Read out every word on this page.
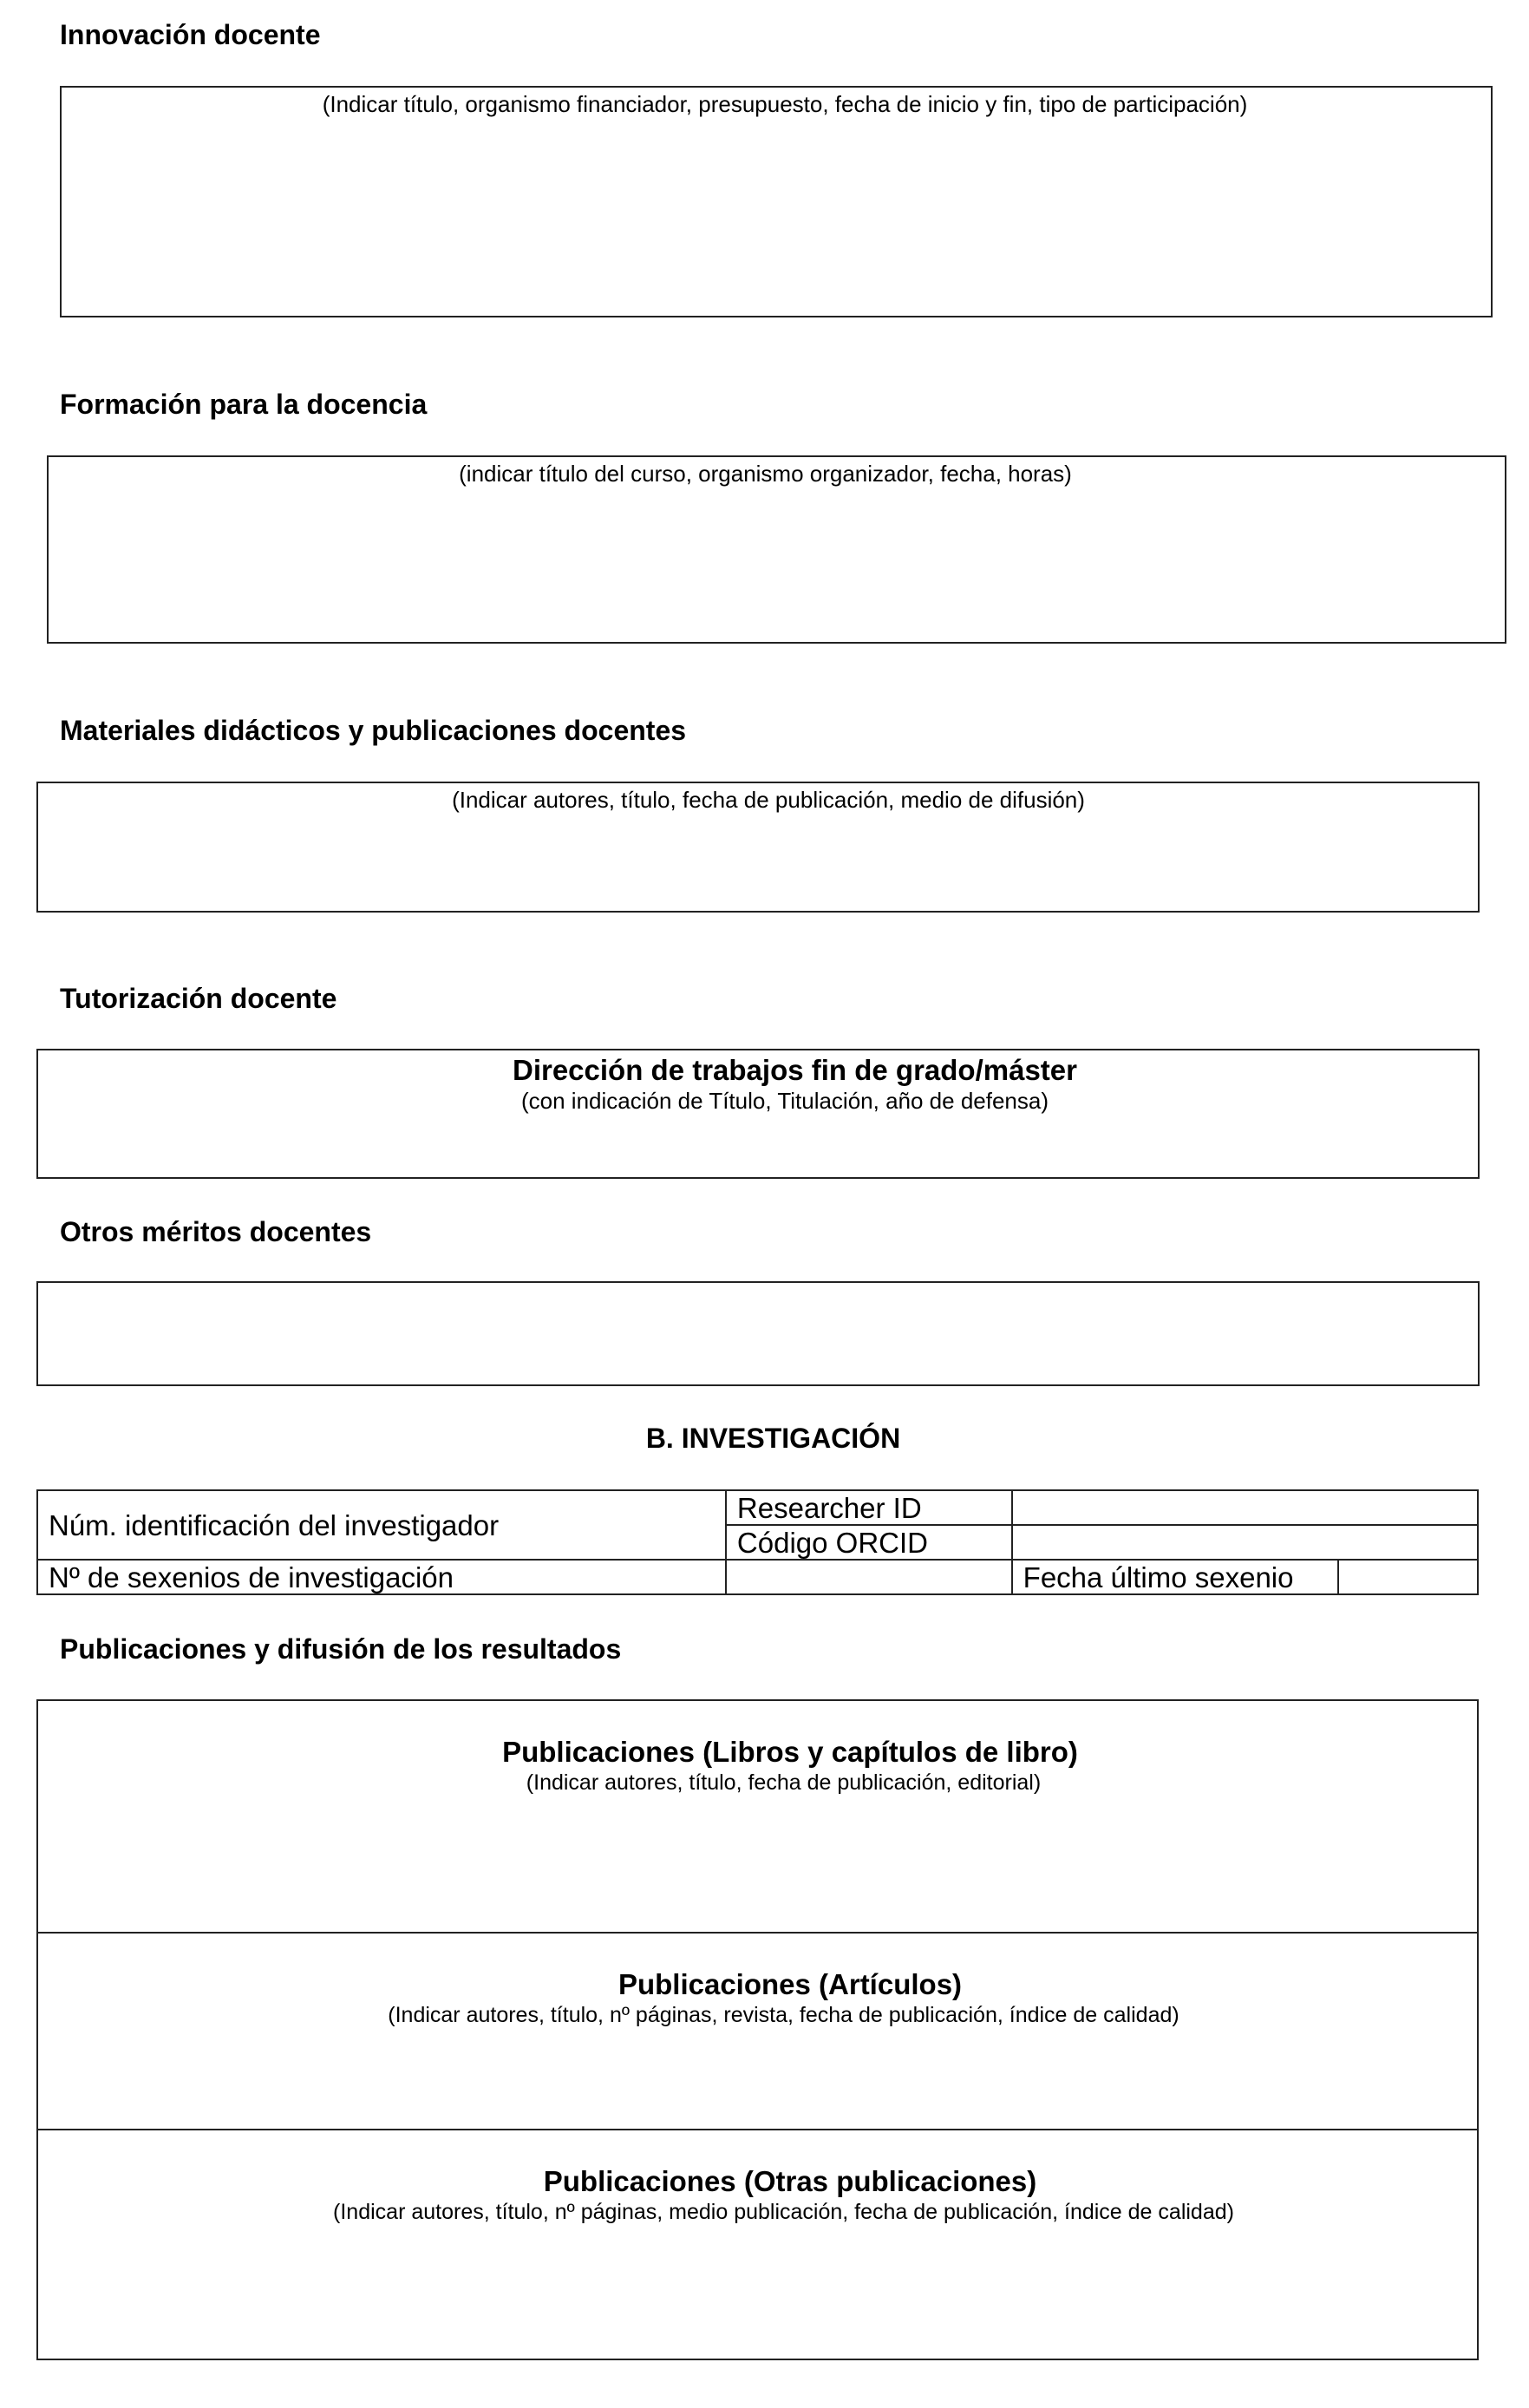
Innovación docente
(Indicar título, organismo financiador, presupuesto, fecha de inicio y fin, tipo de participación)
Formación para la docencia
(indicar título del curso, organismo organizador, fecha, horas)
Materiales didácticos y publicaciones docentes
(Indicar autores, título, fecha de publicación, medio de difusión)
Tutorización docente
Dirección de trabajos fin de grado/máster
(con indicación de Título, Titulación, año de defensa)
Otros méritos docentes
B. INVESTIGACIÓN
Núm. identificación del investigador	Researcher ID		
	Código ORCID		
Nº de sexenios de investigación		Fecha último sexenio	
Publicaciones y difusión de los resultados
Publicaciones (Libros y capítulos de libro)
(Indicar autores, título, fecha de publicación, editorial)
Publicaciones (Artículos)
(Indicar autores, título, nº páginas, revista, fecha de publicación, índice de calidad)
Publicaciones (Otras publicaciones)
(Indicar autores, título, nº páginas, medio publicación, fecha de publicación, índice de calidad)
